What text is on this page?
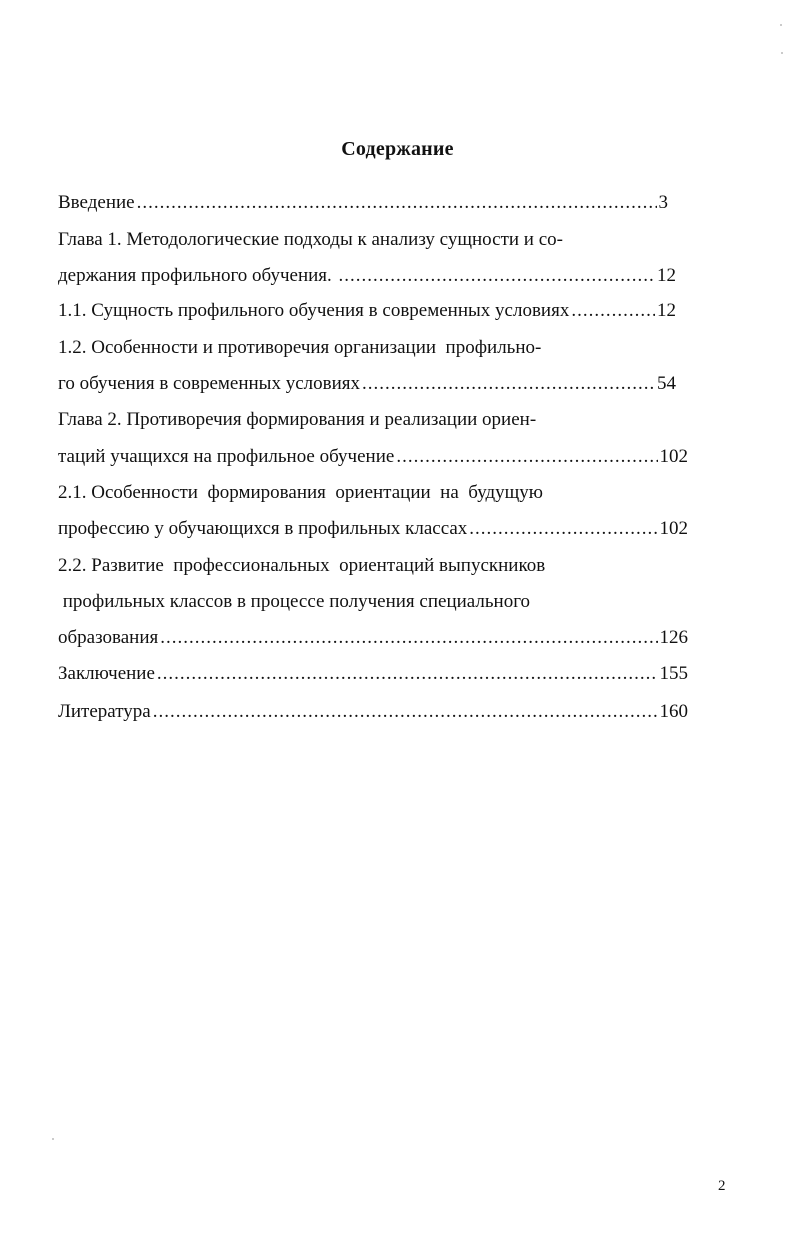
Содержание
Введение .....	3
Глава 1. Методологические подходы к анализу сущности и со-
держания профильного обучения. .....	12
1.1. Сущность профильного обучения в современных условиях .....	12
1.2. Особенности и противоречия организации  профильно-
го обучения в современных условиях .....	54
Глава 2. Противоречия формирования и реализации ориен-
таций учащихся на профильное обучение .....	102
2.1. Особенности  формирования  ориентации  на  будущую
профессию у обучающихся в профильных классах .....	102
2.2. Развитие  профессиональных  ориентаций выпускников
профильных классов в процессе получения специального
образования .....	126
Заключение .....	155
Литература .....	160
2
